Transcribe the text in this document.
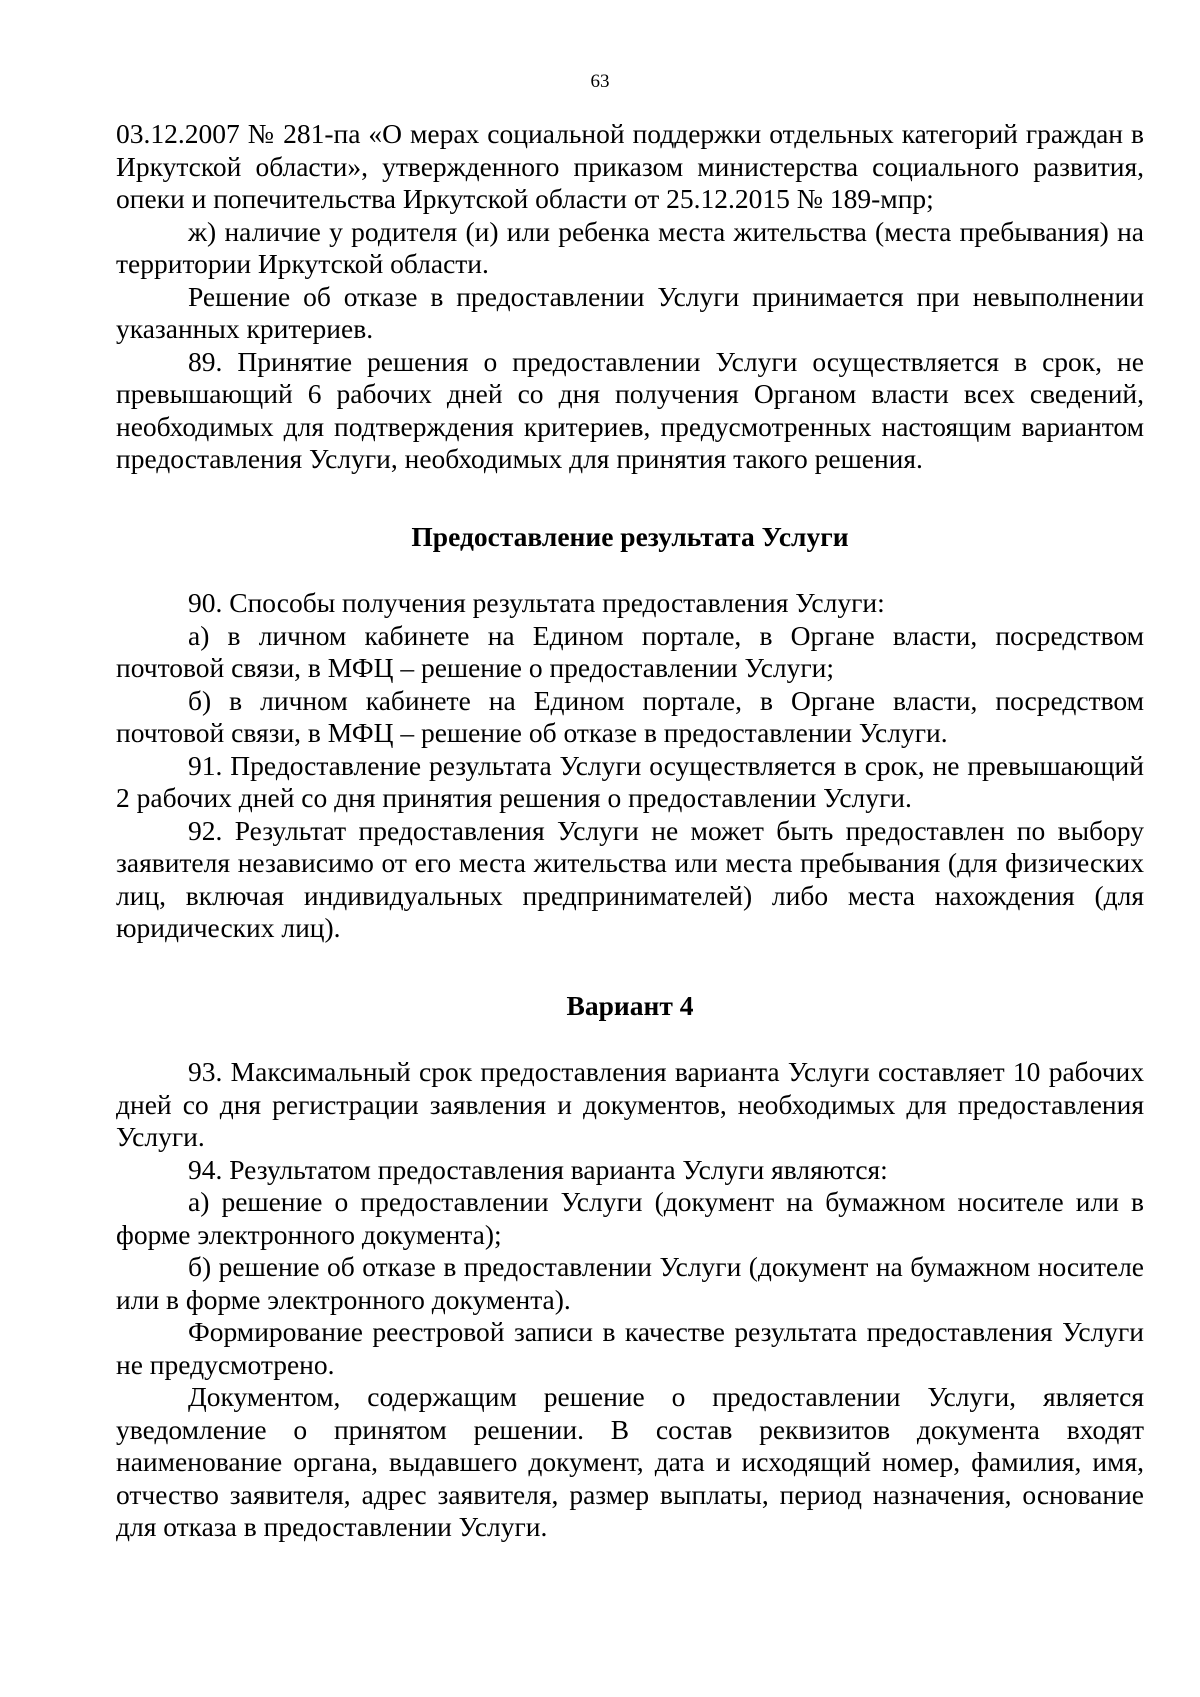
63

03.12.2007 № 281-па «О мерах социальной поддержки отдельных категорий граждан в Иркутской области», утвержденного приказом министерства социального развития, опеки и попечительства Иркутской области от 25.12.2015 № 189-мпр;

ж) наличие у родителя (и) или ребенка места жительства (места пребывания) на территории Иркутской области.

Решение об отказе в предоставлении Услуги принимается при невыполнении указанных критериев.

89. Принятие решения о предоставлении Услуги осуществляется в срок, не превышающий 6 рабочих дней со дня получения Органом власти всех сведений, необходимых для подтверждения критериев, предусмотренных настоящим вариантом предоставления Услуги, необходимых для принятия такого решения.

Предоставление результата Услуги

90. Способы получения результата предоставления Услуги:

а) в личном кабинете на Едином портале, в Органе власти, посредством почтовой связи, в МФЦ – решение о предоставлении Услуги;

б) в личном кабинете на Едином портале, в Органе власти, посредством почтовой связи, в МФЦ – решение об отказе в предоставлении Услуги.

91. Предоставление результата Услуги осуществляется в срок, не превышающий 2 рабочих дней со дня принятия решения о предоставлении Услуги.

92. Результат предоставления Услуги не может быть предоставлен по выбору заявителя независимо от его места жительства или места пребывания (для физических лиц, включая индивидуальных предпринимателей) либо места нахождения (для юридических лиц).

Вариант 4

93. Максимальный срок предоставления варианта Услуги составляет 10 рабочих дней со дня регистрации заявления и документов, необходимых для предоставления Услуги.

94. Результатом предоставления варианта Услуги являются:

а) решение о предоставлении Услуги (документ на бумажном носителе или в форме электронного документа);

б) решение об отказе в предоставлении Услуги (документ на бумажном носителе или в форме электронного документа).

Формирование реестровой записи в качестве результата предоставления Услуги не предусмотрено.

Документом, содержащим решение о предоставлении Услуги, является уведомление о принятом решении. В состав реквизитов документа входят наименование органа, выдавшего документ, дата и исходящий номер, фамилия, имя, отчество заявителя, адрес заявителя, размер выплаты, период назначения, основание для отказа в предоставлении Услуги.
